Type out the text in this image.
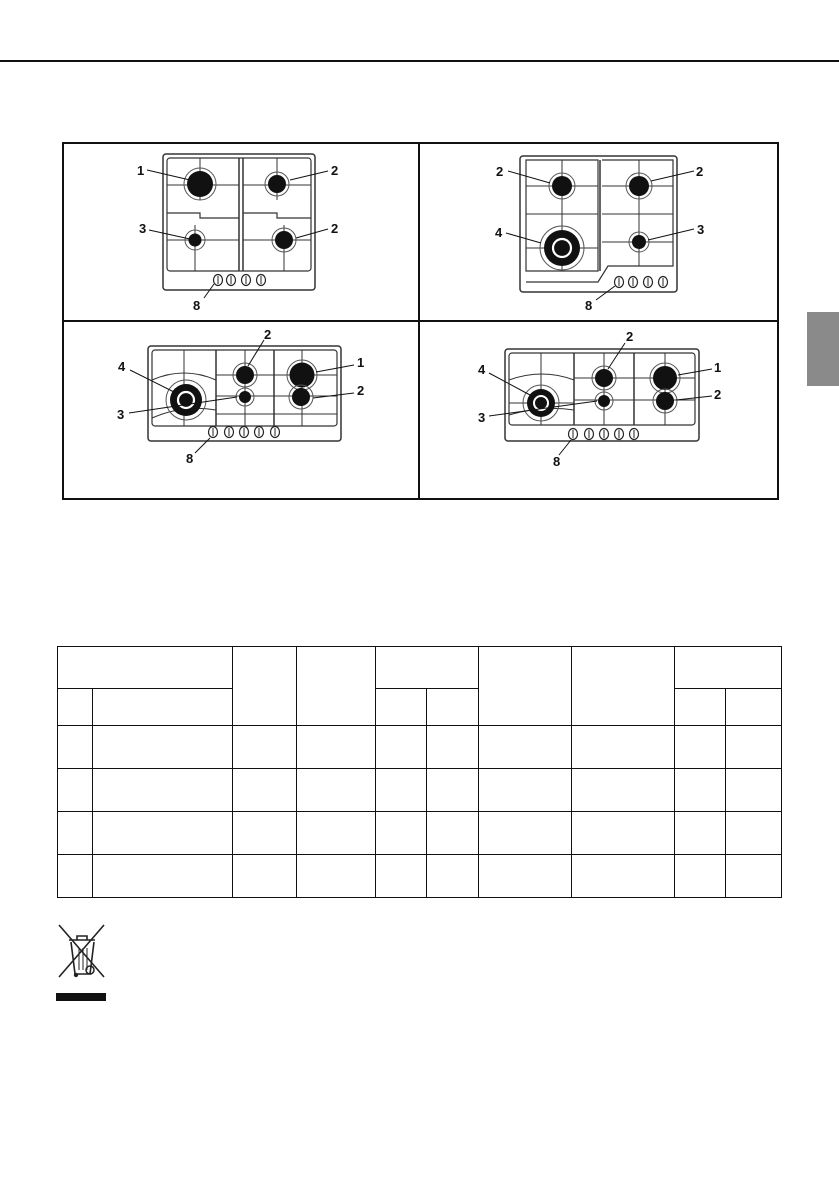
1	2
3	2
8
2	2
4	3
8
4
2
1
3
2
8
4
2
1
3
2
8
